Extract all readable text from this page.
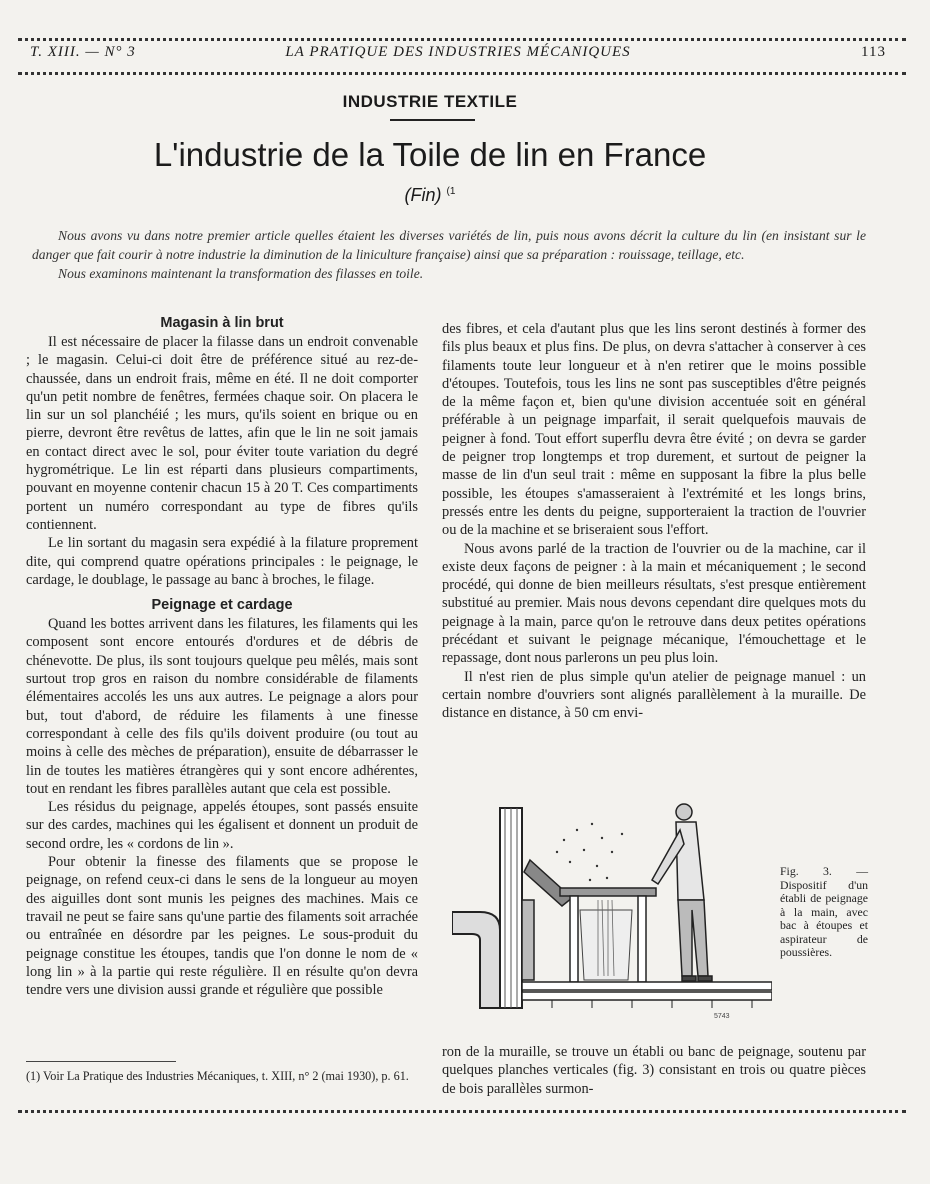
T. XIII. — N° 3	LA PRATIQUE DES INDUSTRIES MÉCANIQUES	113
INDUSTRIE TEXTILE
L'industrie de la Toile de lin en France
(Fin) $^{(1}$

Nous avons vu dans notre premier article quelles étaient les diverses variétés de lin, puis nous avons décrit la culture du lin (en insistant sur le danger que fait courir à notre industrie la diminution de la liniculture française) ainsi que sa préparation : rouissage, teillage, etc.

Nous examinons maintenant la transformation des filasses en toile.

Magasin à lin brut

Il est nécessaire de placer la filasse dans un endroit convenable ; le magasin. Celui-ci doit être de préférence situé au rez-de-chaussée, dans un endroit frais, même en été. Il ne doit comporter qu'un petit nombre de fenêtres, fermées chaque soir. On placera le lin sur un sol planchéié ; les murs, qu'ils soient en brique ou en pierre, devront être revêtus de lattes, afin que le lin ne soit jamais en contact direct avec le sol, pour éviter toute variation du degré hygrométrique. Le lin est réparti dans plusieurs compartiments, pouvant en moyenne contenir chacun 15 à 20 T. Ces compartiments portent un numéro correspondant au type de fibres qu'ils contiennent.

Le lin sortant du magasin sera expédié à la filature proprement dite, qui comprend quatre opérations principales : le peignage, le cardage, le doublage, le passage au banc à broches, le filage.

Peignage et cardage

Quand les bottes arrivent dans les filatures, les filaments qui les composent sont encore entourés d'ordures et de débris de chénevotte. De plus, ils sont toujours quelque peu mêlés, mais sont surtout trop gros en raison du nombre considérable de filaments élémentaires accolés les uns aux autres. Le peignage a alors pour but, tout d'abord, de réduire les filaments à une finesse correspondant à celle des fils qu'ils doivent produire (ou tout au moins à celle des mèches de préparation), ensuite de débarrasser le lin de toutes les matières étrangères qui y sont encore adhérentes, tout en rendant les fibres parallèles autant que cela est possible.

Les résidus du peignage, appelés étoupes, sont passés ensuite sur des cardes, machines qui les égalisent et donnent un produit de second ordre, les « cordons de lin ».

Pour obtenir la finesse des filaments que se propose le peignage, on refend ceux-ci dans le sens de la longueur au moyen des aiguilles dont sont munis les peignes des machines. Mais ce travail ne peut se faire sans qu'une partie des filaments soit arrachée ou entraînée en désordre par les peignes. Le sous-produit du peignage constitue les étoupes, tandis que l'on donne le nom de « long lin » à la partie qui reste régulière. Il en résulte qu'on devra tendre vers une division aussi grande et régulière que possible

(1) Voir La Pratique des Industries Mécaniques, t. XIII, n° 2 (mai 1930), p. 61.

des fibres, et cela d'autant plus que les lins seront destinés à former des fils plus beaux et plus fins. De plus, on devra s'attacher à conserver à ces filaments toute leur longueur et à n'en retirer que le moins possible d'étoupes. Toutefois, tous les lins ne sont pas susceptibles d'être peignés de la même façon et, bien qu'une division accentuée soit en général préférable à un peignage imparfait, il serait quelquefois mauvais de peigner à fond. Tout effort superflu devra être évité ; on devra se garder de peigner trop longtemps et trop durement, et surtout de peigner la masse de lin d'un seul trait : même en supposant la fibre la plus belle possible, les étoupes s'amasseraient à l'extrémité et les longs brins, pressés entre les dents du peigne, supporteraient la traction de l'ouvrier ou de la machine et se briseraient sous l'effort.

Nous avons parlé de la traction de l'ouvrier ou de la machine, car il existe deux façons de peigner : à la main et mécaniquement ; le second procédé, qui donne de bien meilleurs résultats, s'est presque entièrement substitué au premier. Mais nous devons cependant dire quelques mots du peignage à la main, parce qu'on le retrouve dans deux petites opérations précédant et suivant le peignage mécanique, l'émouchettage et le repassage, dont nous parlerons un peu plus loin.

Il n'est rien de plus simple qu'un atelier de peignage manuel : un certain nombre d'ouvriers sont alignés parallèlement à la muraille. De distance en distance, à 50 cm envi-

5743
Fig. 3. — Dispositif d'un établi de peignage à la main, avec bac à étoupes et aspirateur de poussières.

ron de la muraille, se trouve un établi ou banc de peignage, soutenu par quelques planches verticales (fig. 3) consistant en trois ou quatre pièces de bois parallèles surmon-
